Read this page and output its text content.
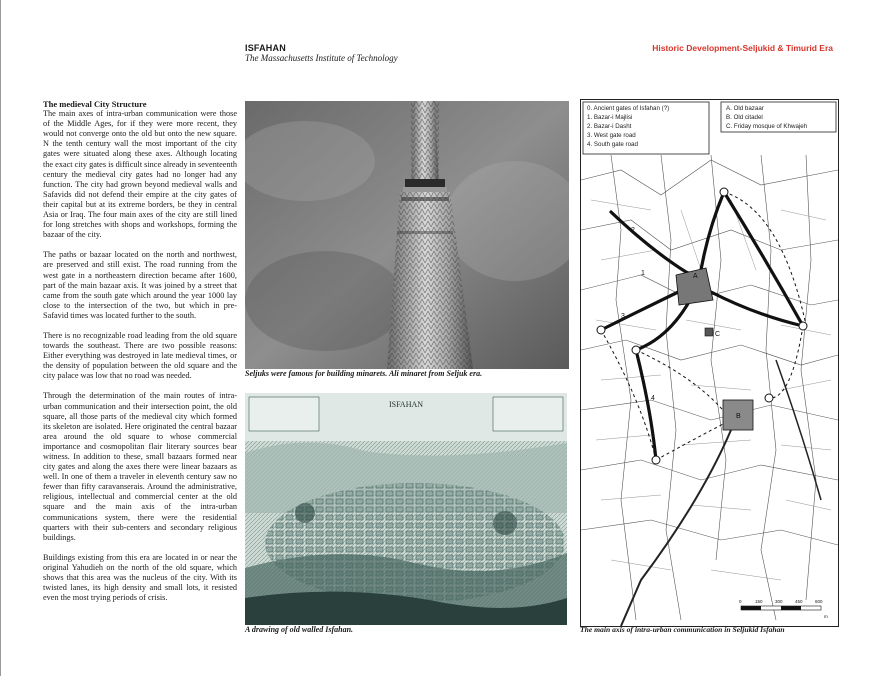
ISFAHAN
The Massachusetts Institute of Technology
Historic Development-Seljukid & Timurid Era
The medieval City Structure

The main axes of intra-urban communication were those of the Middle Ages, for if they were more recent, they would not converge onto the old but onto the new square. N the tenth century wall the most important of the city gates were situated along these axes. Although locating the exact city gates is difficult since already in seventeenth century the medieval city gates had no longer had any function. The city had grown beyond medieval walls and Safavids did not defend their empire at the city gates of their capital but at its extreme borders, be they in central Asia or Iraq. The four main axes of the city are still lined for long stretches with shops and workshops, forming the bazaar of the city.

The paths or bazaar located on the north and northwest, are preserved and still exist. The road running from the west gate in a northeastern direction became after 1600, part of the main bazaar axis. It was joined by a street that came from the south gate which around the year 1000 lay close to the intersection of the two, but which in pre-Safavid times was located further to the south.

There is no recognizable road leading from the old square towards the southeast. There are two possible reasons: Either everything was destroyed in late medieval times, or the density of population between the old square and the city palace was low that no road was needed.

Through the determination of the main routes of intra-urban communication and their intersection point, the old square, all those parts of the medieval city which formed its skeleton are isolated. Here originated the central bazaar area around the old square to whose commercial importance and cosmopolitan flair literary sources bear witness. In addition to these, small bazaars formed near city gates and along the axes there were linear bazaars as well. In one of them a traveler in eleventh century saw no fewer than fifty caravanserais. Around the administrative, religious, intellectual and commercial center at the old square and the main axis of the intra-urban communications system, there were the residential quarters with their sub-centers and secondary religious buildings.

Buildings existing from this era are located in or near the original Yahudieh on the north of the old square, which shows that this area was the nucleus of the city. With its twisted lanes, its high density and small lots, it resisted even the most trying periods of crisis.

Seljuks were famous for building minarets. Ali minaret from Seljuk era.
ISFAHAN
A drawing of old walled Isfahan.
0. Ancient gates of Isfahan (?)
1. Bazar-i Majlisi
2. Bazar-i Dasht
3. West gate road
4. South gate road
A. Old bazaar
B. Old citadel
C. Friday mosque of Khwajeh
A
B
C
1
2
3
4
0	150	300	450	600
m
The main axis of intra-urban communication in Seljukid Isfahan
